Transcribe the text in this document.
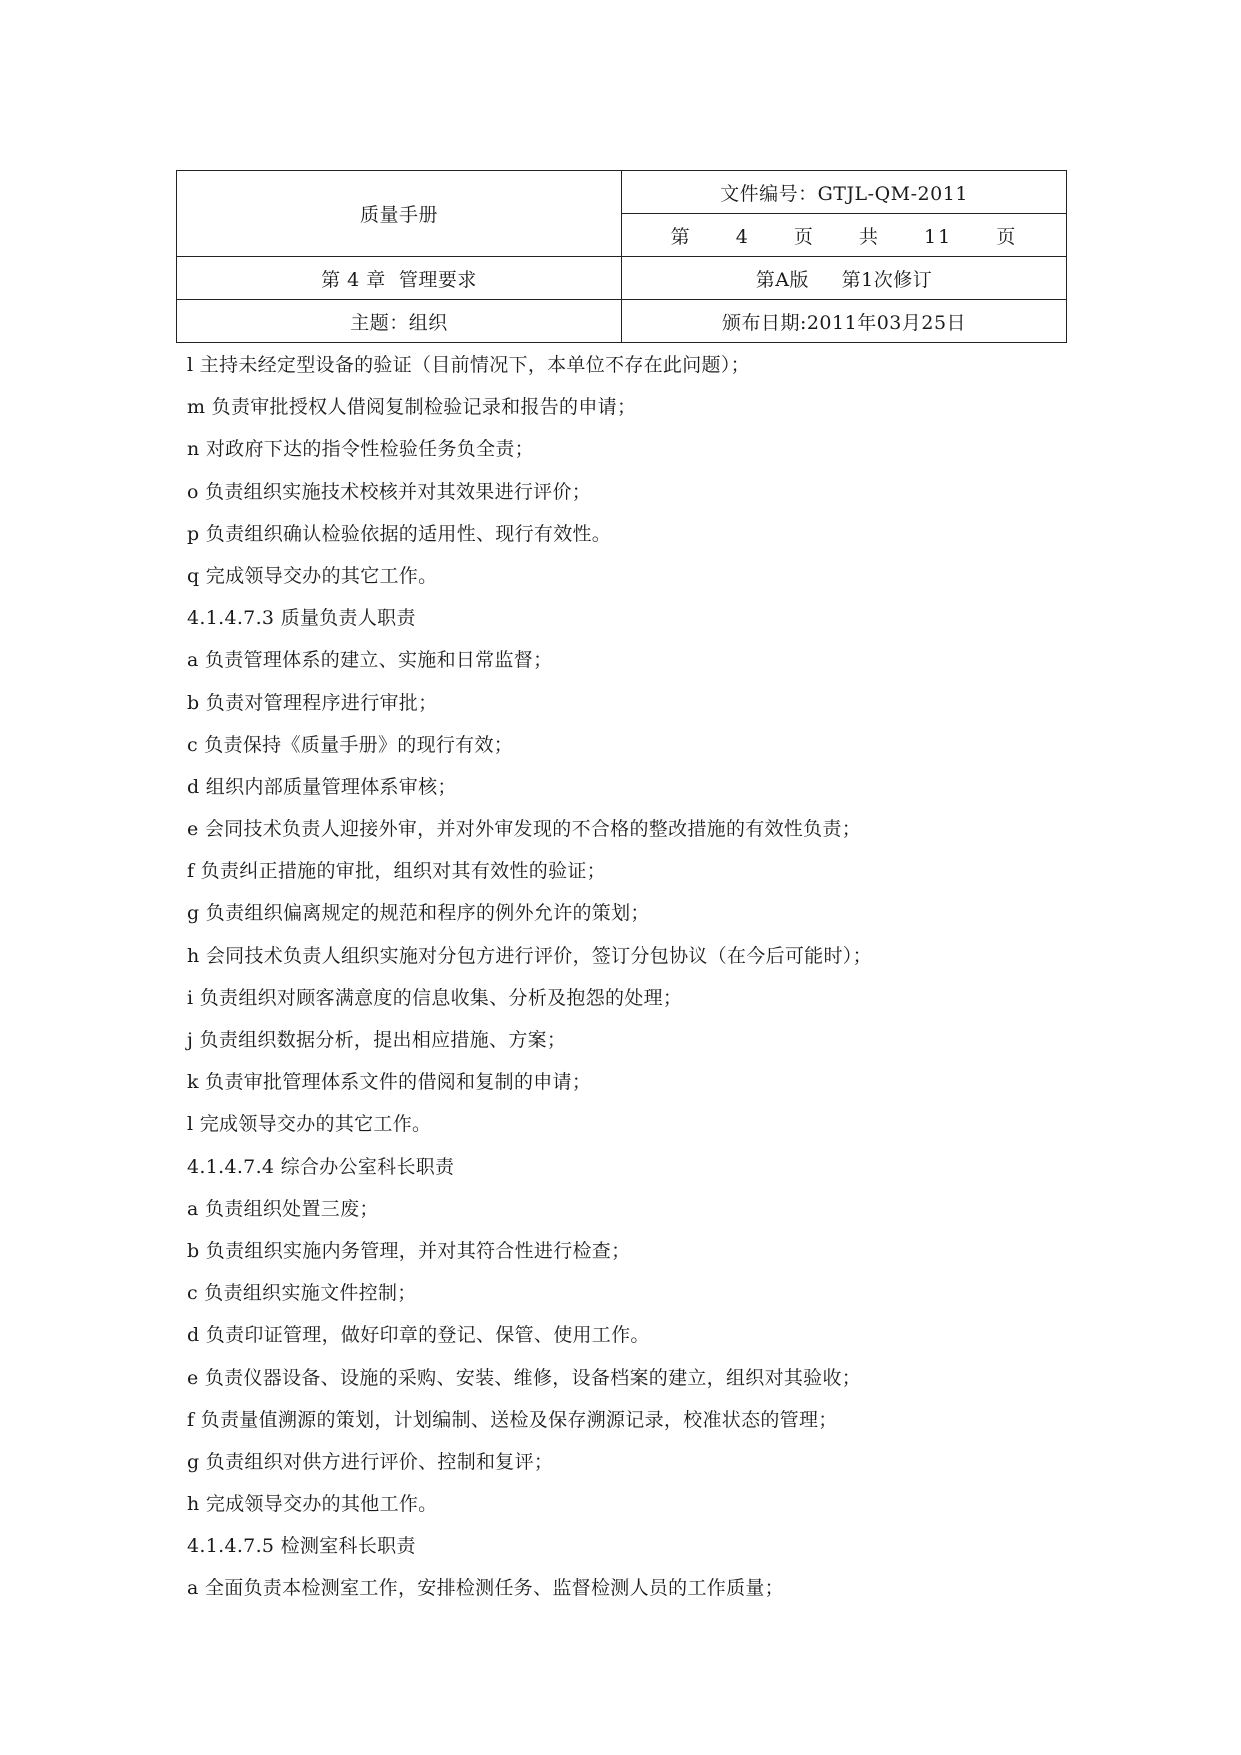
质量手册	文件编号：GTJL-QM-2011
	第  4  页  共  11  页
第 4 章  管理要求	第A版     第1次修订
主题：组织	颁布日期:2011年03月25日
l 主持未经定型设备的验证（目前情况下，本单位不存在此问题）；
m 负责审批授权人借阅复制检验记录和报告的申请；
n 对政府下达的指令性检验任务负全责；
o 负责组织实施技术校核并对其效果进行评价；
p 负责组织确认检验依据的适用性、现行有效性。
q 完成领导交办的其它工作。
4.1.4.7.3 质量负责人职责
a 负责管理体系的建立、实施和日常监督；
b 负责对管理程序进行审批；
c 负责保持《质量手册》的现行有效；
d 组织内部质量管理体系审核；
e 会同技术负责人迎接外审，并对外审发现的不合格的整改措施的有效性负责；
f 负责纠正措施的审批，组织对其有效性的验证；
g 负责组织偏离规定的规范和程序的例外允许的策划；
h 会同技术负责人组织实施对分包方进行评价，签订分包协议（在今后可能时）；
i 负责组织对顾客满意度的信息收集、分析及抱怨的处理；
j 负责组织数据分析，提出相应措施、方案；
k 负责审批管理体系文件的借阅和复制的申请；
l 完成领导交办的其它工作。
4.1.4.7.4 综合办公室科长职责
a 负责组织处置三废；
b 负责组织实施内务管理，并对其符合性进行检查；
c 负责组织实施文件控制；
d 负责印证管理，做好印章的登记、保管、使用工作。
e 负责仪器设备、设施的采购、安装、维修，设备档案的建立，组织对其验收；
f 负责量值溯源的策划，计划编制、送检及保存溯源记录，校准状态的管理；
g 负责组织对供方进行评价、控制和复评；
h 完成领导交办的其他工作。
4.1.4.7.5 检测室科长职责
a 全面负责本检测室工作，安排检测任务、监督检测人员的工作质量；
